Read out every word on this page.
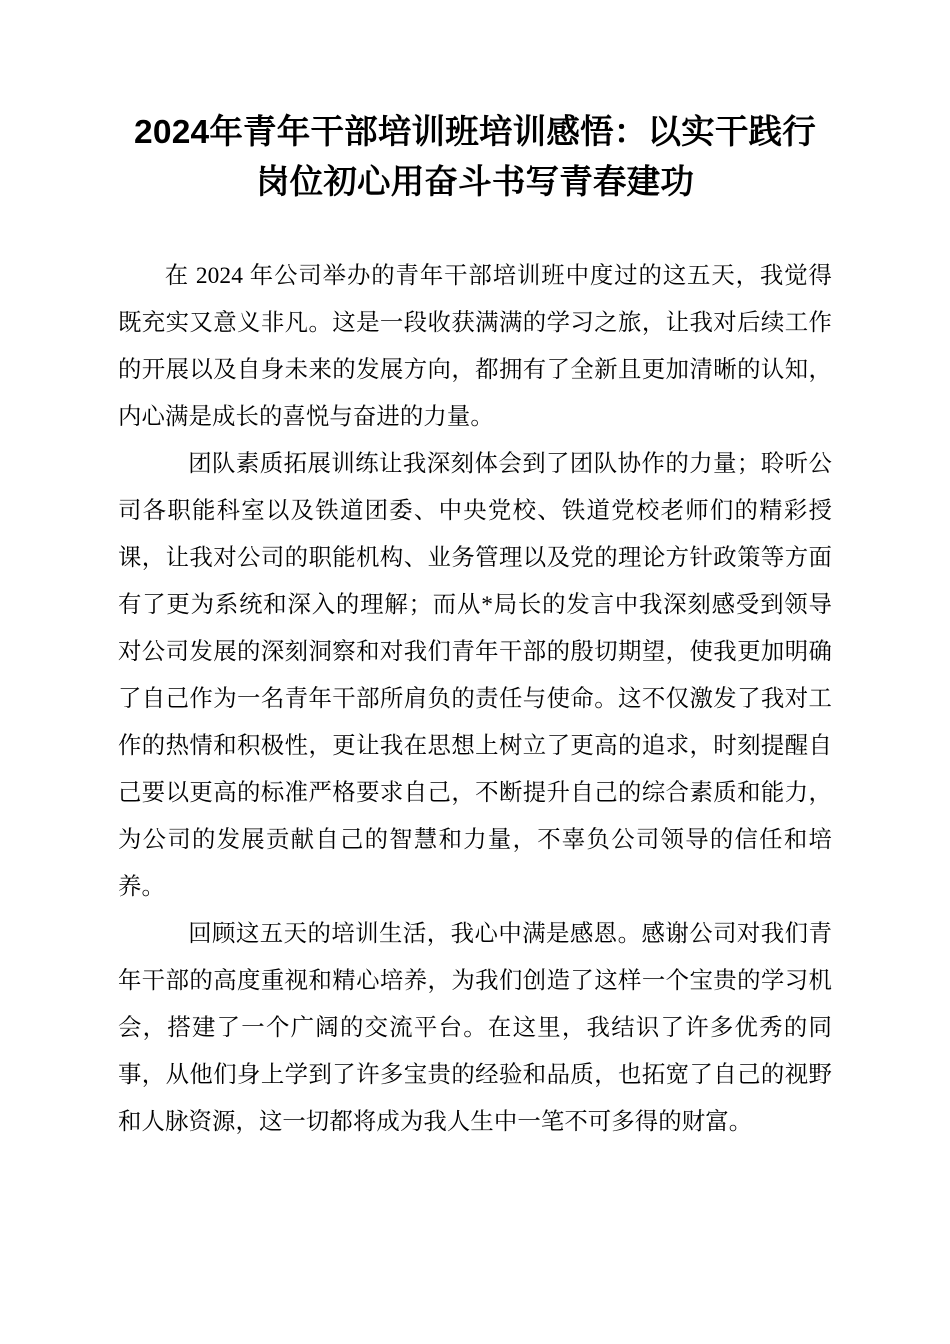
2024年青年干部培训班培训感悟：以实干践行岗位初心用奋斗书写青春建功

在 2024 年公司举办的青年干部培训班中度过的这五天，我觉得既充实又意义非凡。这是一段收获满满的学习之旅，让我对后续工作的开展以及自身未来的发展方向，都拥有了全新且更加清晰的认知，内心满是成长的喜悦与奋进的力量。

团队素质拓展训练让我深刻体会到了团队协作的力量；聆听公司各职能科室以及铁道团委、中央党校、铁道党校老师们的精彩授课，让我对公司的职能机构、业务管理以及党的理论方针政策等方面有了更为系统和深入的理解；而从*局长的发言中我深刻感受到领导对公司发展的深刻洞察和对我们青年干部的殷切期望，使我更加明确了自己作为一名青年干部所肩负的责任与使命。这不仅激发了我对工作的热情和积极性，更让我在思想上树立了更高的追求，时刻提醒自己要以更高的标准严格要求自己，不断提升自己的综合素质和能力，为公司的发展贡献自己的智慧和力量，不辜负公司领导的信任和培养。

回顾这五天的培训生活，我心中满是感恩。感谢公司对我们青年干部的高度重视和精心培养，为我们创造了这样一个宝贵的学习机会，搭建了一个广阔的交流平台。在这里，我结识了许多优秀的同事，从他们身上学到了许多宝贵的经验和品质，也拓宽了自己的视野和人脉资源，这一切都将成为我人生中一笔不可多得的财富。
